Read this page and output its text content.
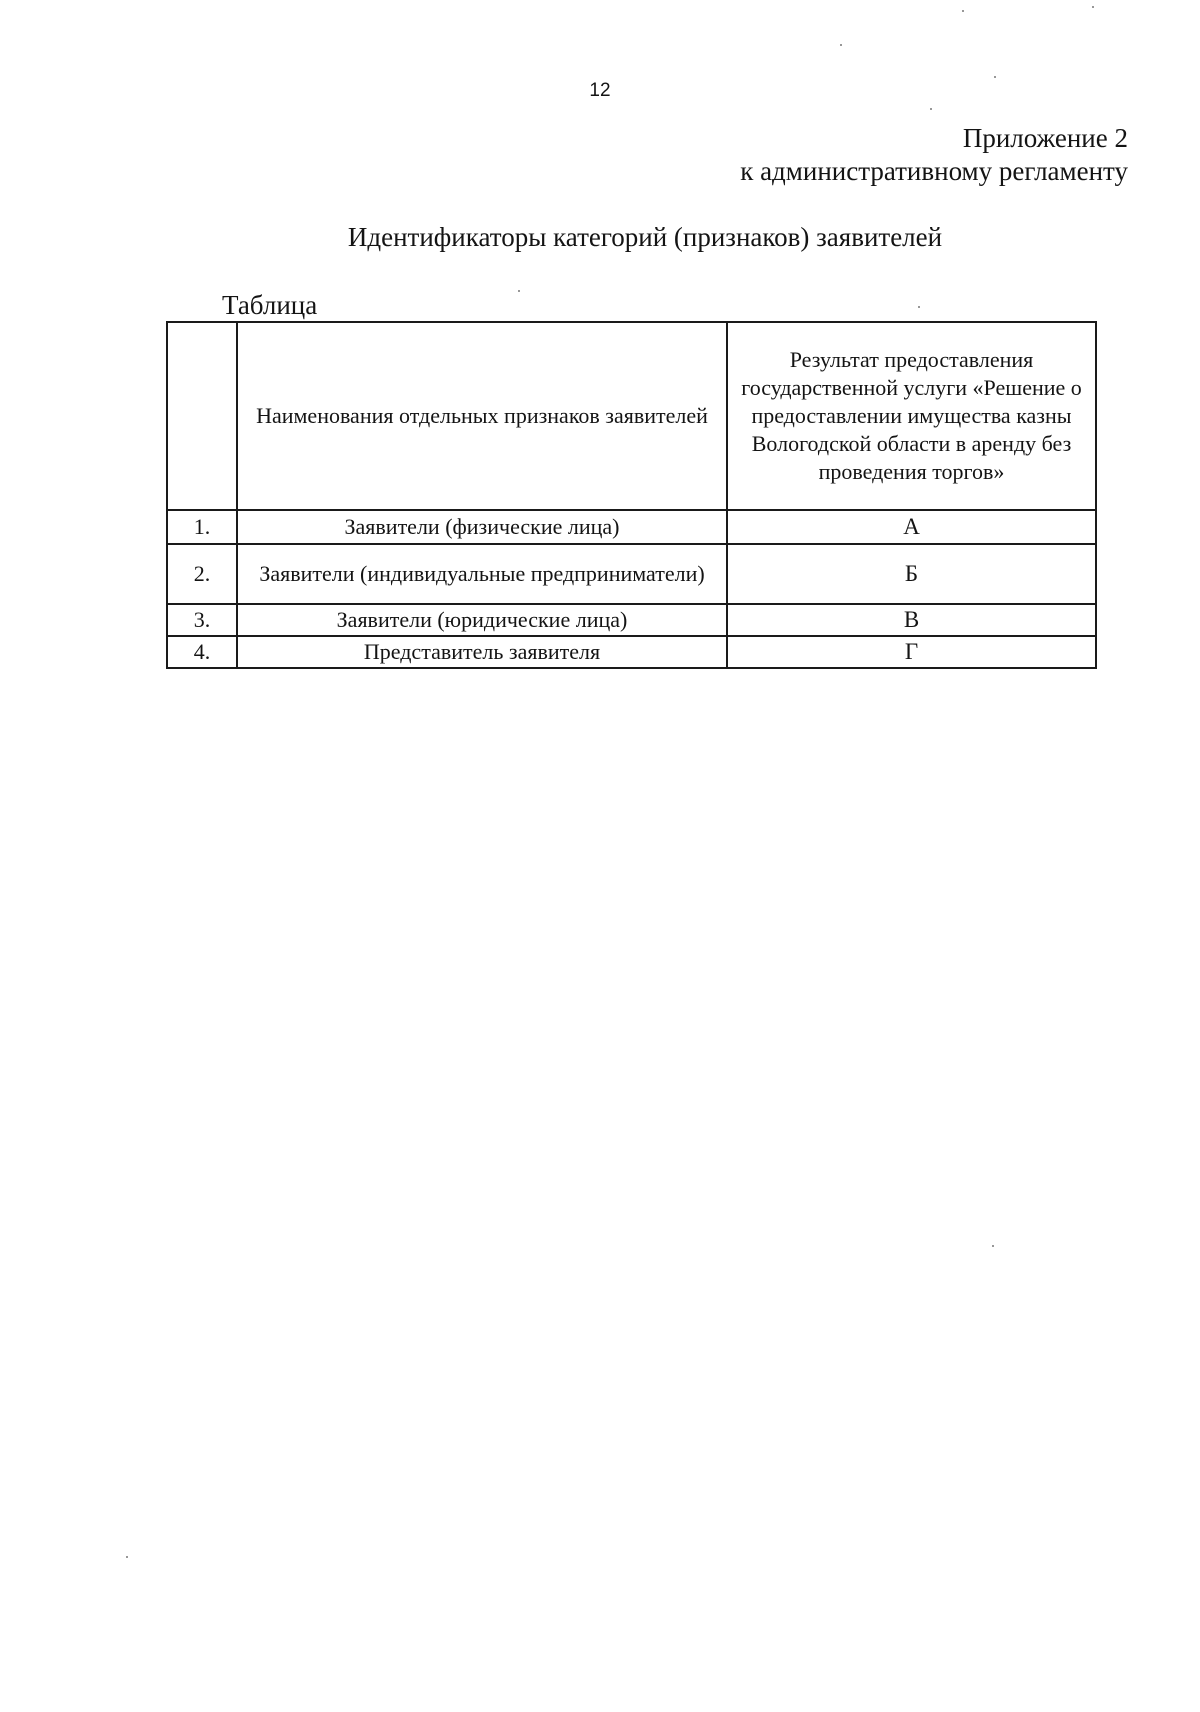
12
Приложение 2
к административному регламенту
Идентификаторы категорий (признаков) заявителей
Таблица
	Наименования отдельных признаков заявителей	Результат предоставления государственной услуги «Решение о предоставлении имущества казны Вологодской области в аренду без проведения торгов»
1.	Заявители (физические лица)	А
2.	Заявители (индивидуальные предприниматели)	Б
3.	Заявители (юридические лица)	В
4.	Представитель заявителя	Г
